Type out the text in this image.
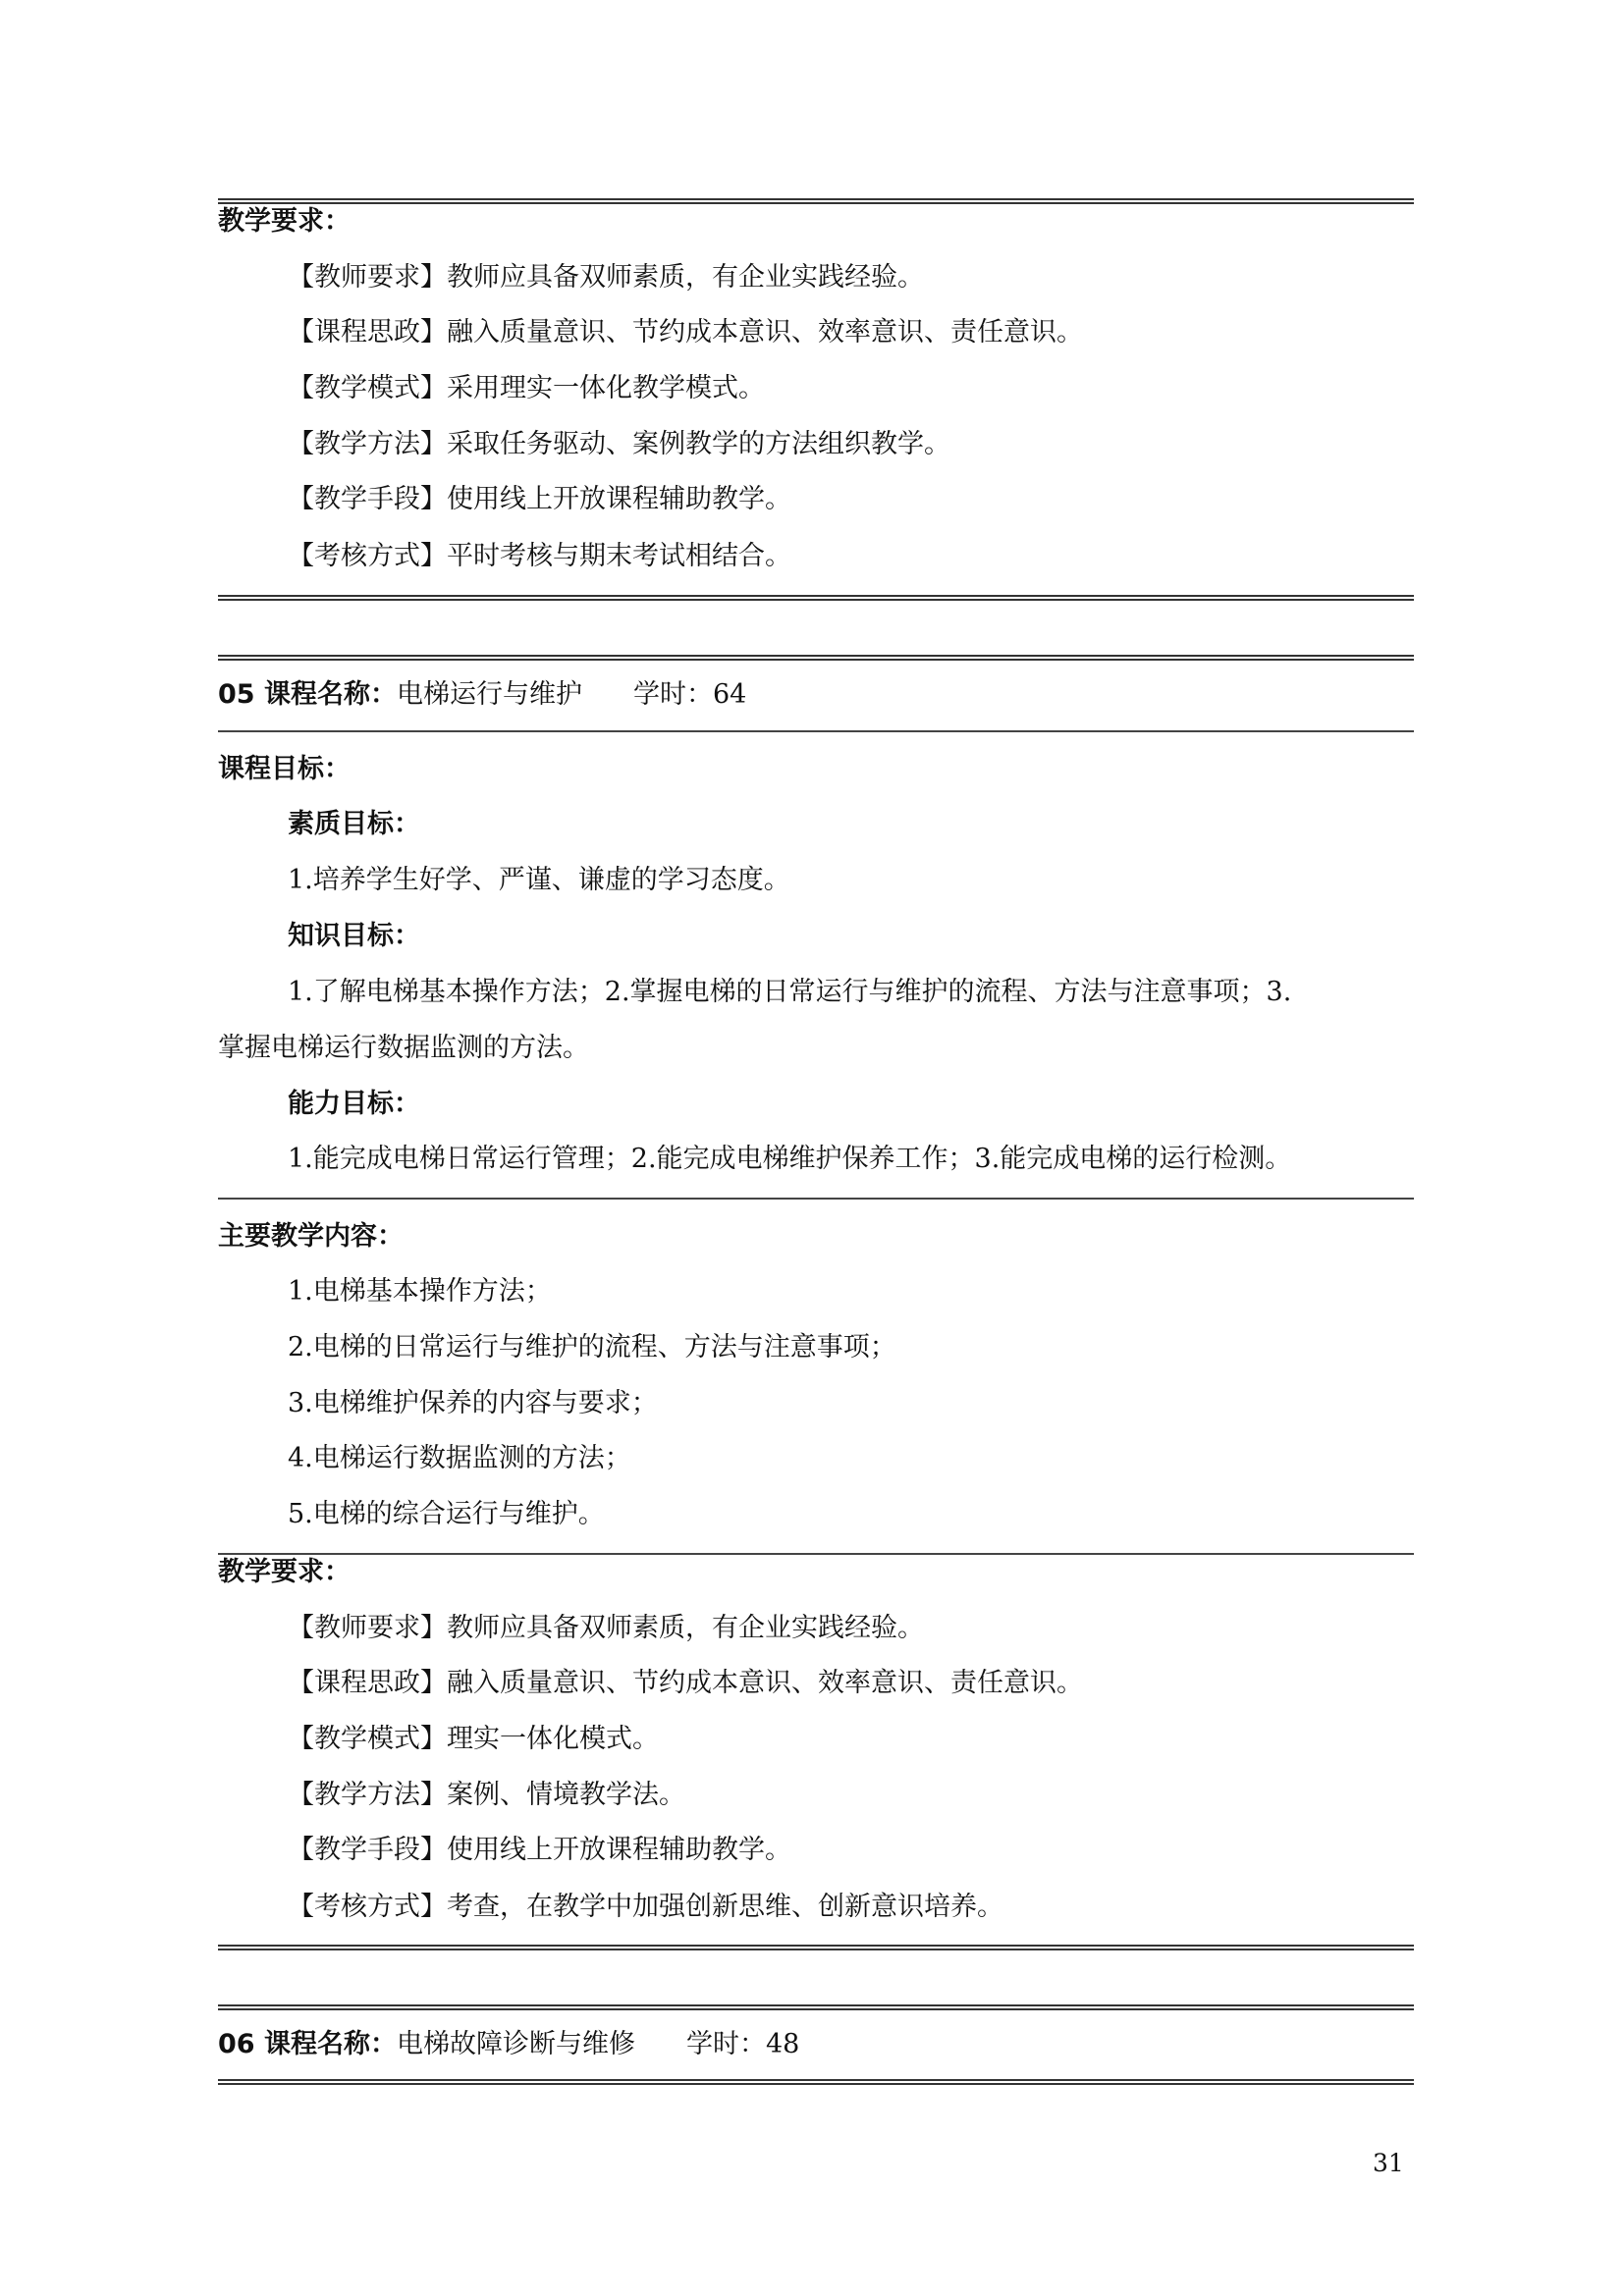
教学要求：
【教师要求】教师应具备双师素质，有企业实践经验。
【课程思政】融入质量意识、节约成本意识、效率意识、责任意识。
【教学模式】采用理实一体化教学模式。
【教学方法】采取任务驱动、案例教学的方法组织教学。
【教学手段】使用线上开放课程辅助教学。
【考核方式】平时考核与期末考试相结合。
05 课程名称：电梯运行与维护 学时：64
课程目标：
素质目标：
1.培养学生好学、严谨、谦虚的学习态度。
知识目标：
1.了解电梯基本操作方法；2.掌握电梯的日常运行与维护的流程、方法与注意事项；3.
掌握电梯运行数据监测的方法。
能力目标：
1.能完成电梯日常运行管理；2.能完成电梯维护保养工作；3.能完成电梯的运行检测。
主要教学内容：
1.电梯基本操作方法；
2.电梯的日常运行与维护的流程、方法与注意事项；
3.电梯维护保养的内容与要求；
4.电梯运行数据监测的方法；
5.电梯的综合运行与维护。
教学要求：
【教师要求】教师应具备双师素质，有企业实践经验。
【课程思政】融入质量意识、节约成本意识、效率意识、责任意识。
【教学模式】理实一体化模式。
【教学方法】案例、情境教学法。
【教学手段】使用线上开放课程辅助教学。
【考核方式】考查，在教学中加强创新思维、创新意识培养。
06 课程名称：电梯故障诊断与维修 学时：48
31
